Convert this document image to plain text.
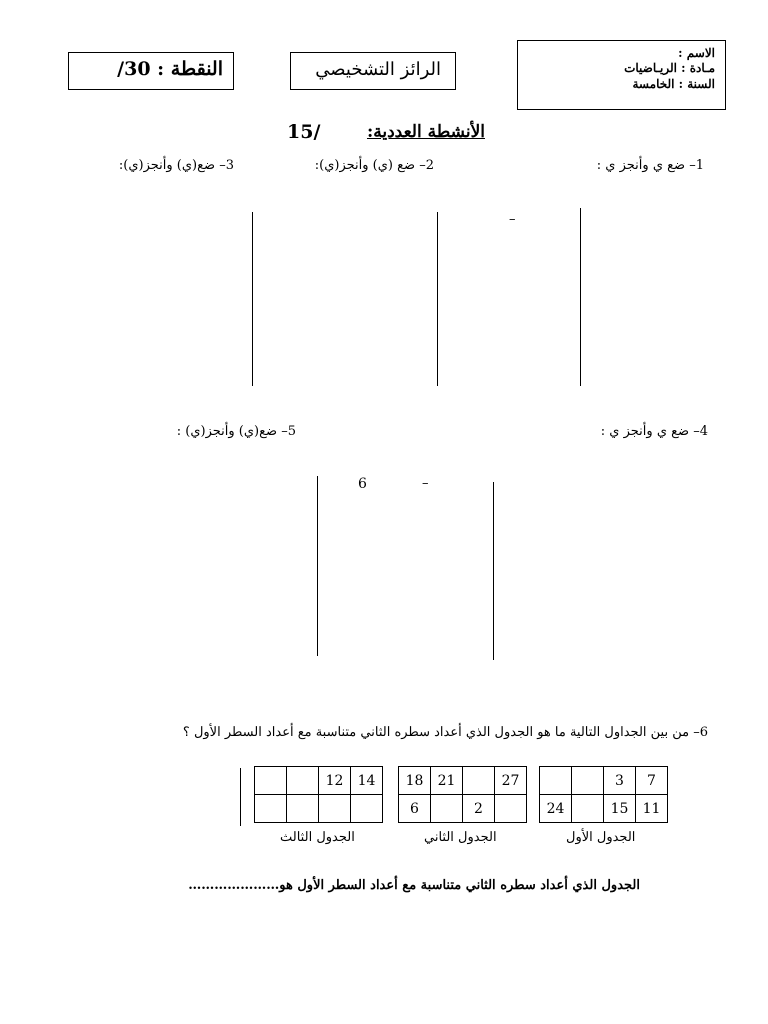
النقطة : 30/	الرائز التشخيصي
الاسم :
مـادة : الريـاضيات
السنة : الخامسة
الأنشطة العددية:
15/
1– ضع ي وأنجز ي :
2– ضع (ي) وأنجز(ي):
3– ضع(ي) وأنجز(ي):
–
4– ضع ي وأنجز ي :
5– ضع(ي) وأنجز(ي) :
6	–
6– من بين الجداول التالية ما هو الجدول الذي أعداد سطره الثاني متناسبة مع أعداد السطر الأول ؟
		12	14

الجدول الثالث
18	21		27
6		2	
الجدول الثاني
		3	7
24		15	11
الجدول الأول
الجدول الذي أعداد سطره الثاني متناسبة مع أعداد السطر الأول هو…………………
